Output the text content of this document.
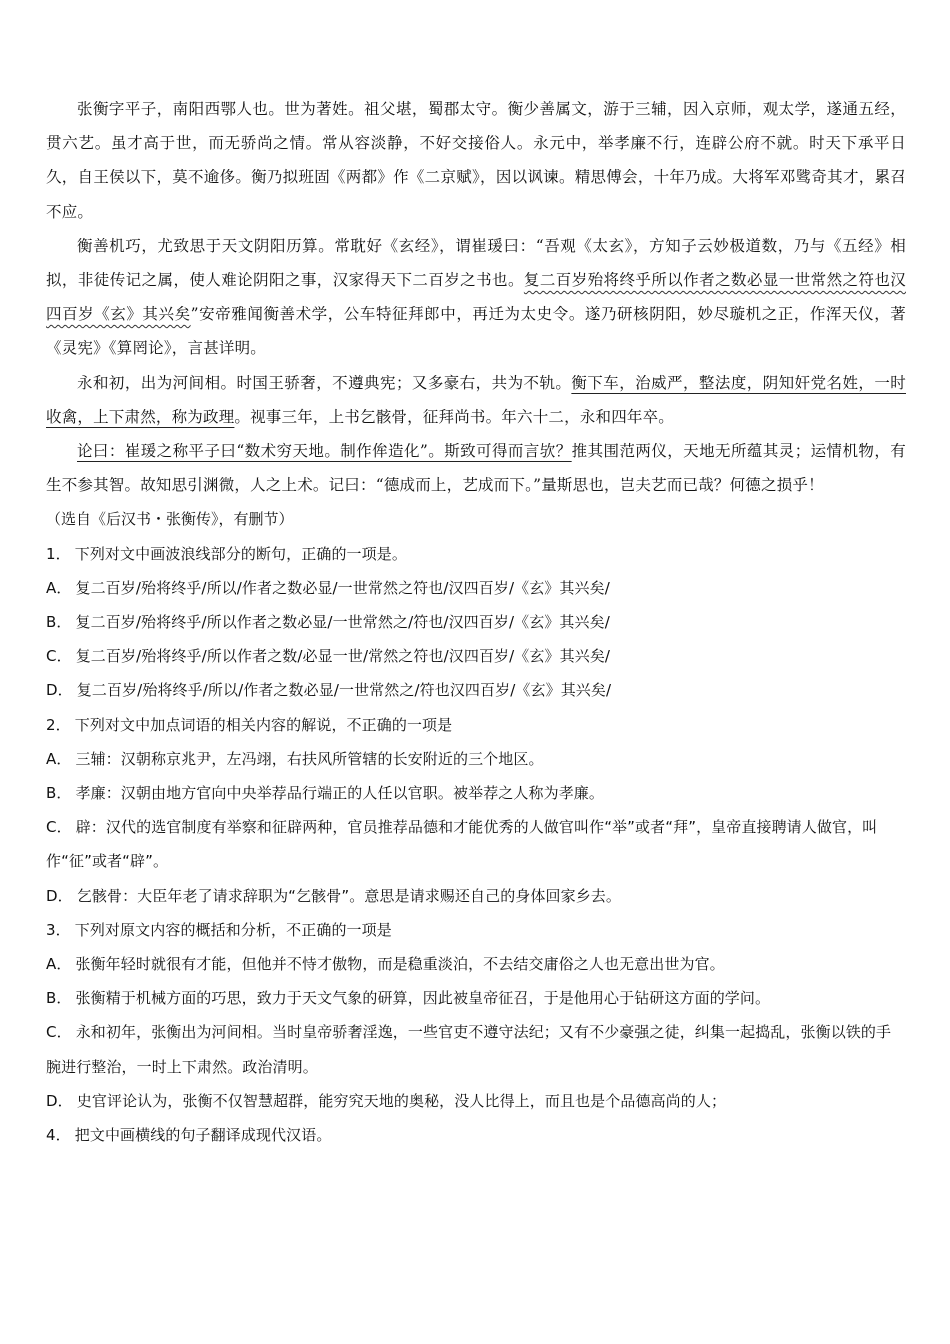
张衡字平子，南阳西鄂人也。世为著姓。祖父堪，蜀郡太守。衡少善属文，游于三辅，因入京师，观太学，遂通五经，贯六艺。虽才高于世，而无骄尚之情。常从容淡静，不好交接俗人。永元中，举孝廉不行，连辟公府不就。时天下承平日久，自王侯以下，莫不逾侈。衡乃拟班固《两都》作《二京赋》，因以讽谏。精思傅会，十年乃成。大将军邓骘奇其才，累召不应。

衡善机巧，尤致思于天文阴阳历算。常耽好《玄经》，谓崔瑗曰：“吾观《太玄》，方知子云妙极道数，乃与《五经》相拟，非徒传记之属，使人难论阴阳之事，汉家得天下二百岁之书也。复二百岁殆将终乎所以作者之数必显一世常然之符也汉四百岁《玄》其兴矣”安帝雅闻衡善术学，公车特征拜郎中，再迁为太史令。遂乃研核阴阳，妙尽璇机之正，作浑天仪，著《灵宪》《算罔论》，言甚详明。

永和初，出为河间相。时国王骄奢，不遵典宪；又多豪右，共为不轨。衡下车，治威严，整法度，阴知奸党名姓，一时收禽，上下肃然，称为政理。视事三年，上书乞骸骨，征拜尚书。年六十二，永和四年卒。

论曰：崔瑗之称平子曰“数术穷天地。制作侔造化”。斯致可得而言欤？推其围范两仪，天地无所蕴其灵；运情机物，有生不参其智。故知思引渊微，人之上术。记曰：“德成而上，艺成而下。”量斯思也，岂夫艺而已哉？何德之损乎！

（选自《后汉书・张衡传》，有删节）

1． 下列对文中画波浪线部分的断句，正确的一项是。

A． 复二百岁/殆将终乎/所以/作者之数必显/一世常然之符也/汉四百岁/《玄》其兴矣/

B． 复二百岁/殆将终乎/所以作者之数必显/一世常然之/符也/汉四百岁/《玄》其兴矣/

C． 复二百岁/殆将终乎/所以作者之数/必显一世/常然之符也/汉四百岁/《玄》其兴矣/

D． 复二百岁/殆将终乎/所以/作者之数必显/一世常然之/符也汉四百岁/《玄》其兴矣/

2． 下列对文中加点词语的相关内容的解说，不正确的一项是

A． 三辅：汉朝称京兆尹，左冯翊，右扶风所管辖的长安附近的三个地区。

B． 孝廉：汉朝由地方官向中央举荐品行端正的人任以官职。被举荐之人称为孝廉。

C． 辟：汉代的选官制度有举察和征辟两种，官员推荐品德和才能优秀的人做官叫作“举”或者“拜”，皇帝直接聘请人做官，叫作“征”或者“辟”。

D． 乞骸骨：大臣年老了请求辞职为“乞骸骨”。意思是请求赐还自己的身体回家乡去。

3． 下列对原文内容的概括和分析，不正确的一项是

A． 张衡年轻时就很有才能，但他并不恃才傲物，而是稳重淡泊，不去结交庸俗之人也无意出世为官。

B． 张衡精于机械方面的巧思，致力于天文气象的研算，因此被皇帝征召，于是他用心于钻研这方面的学问。

C． 永和初年，张衡出为河间相。当时皇帝骄奢淫逸，一些官吏不遵守法纪；又有不少豪强之徒，纠集一起捣乱，张衡以铁的手腕进行整治，一时上下肃然。政治清明。

D． 史官评论认为，张衡不仅智慧超群，能穷究天地的奥秘，没人比得上，而且也是个品德高尚的人；

4． 把文中画横线的句子翻译成现代汉语。
